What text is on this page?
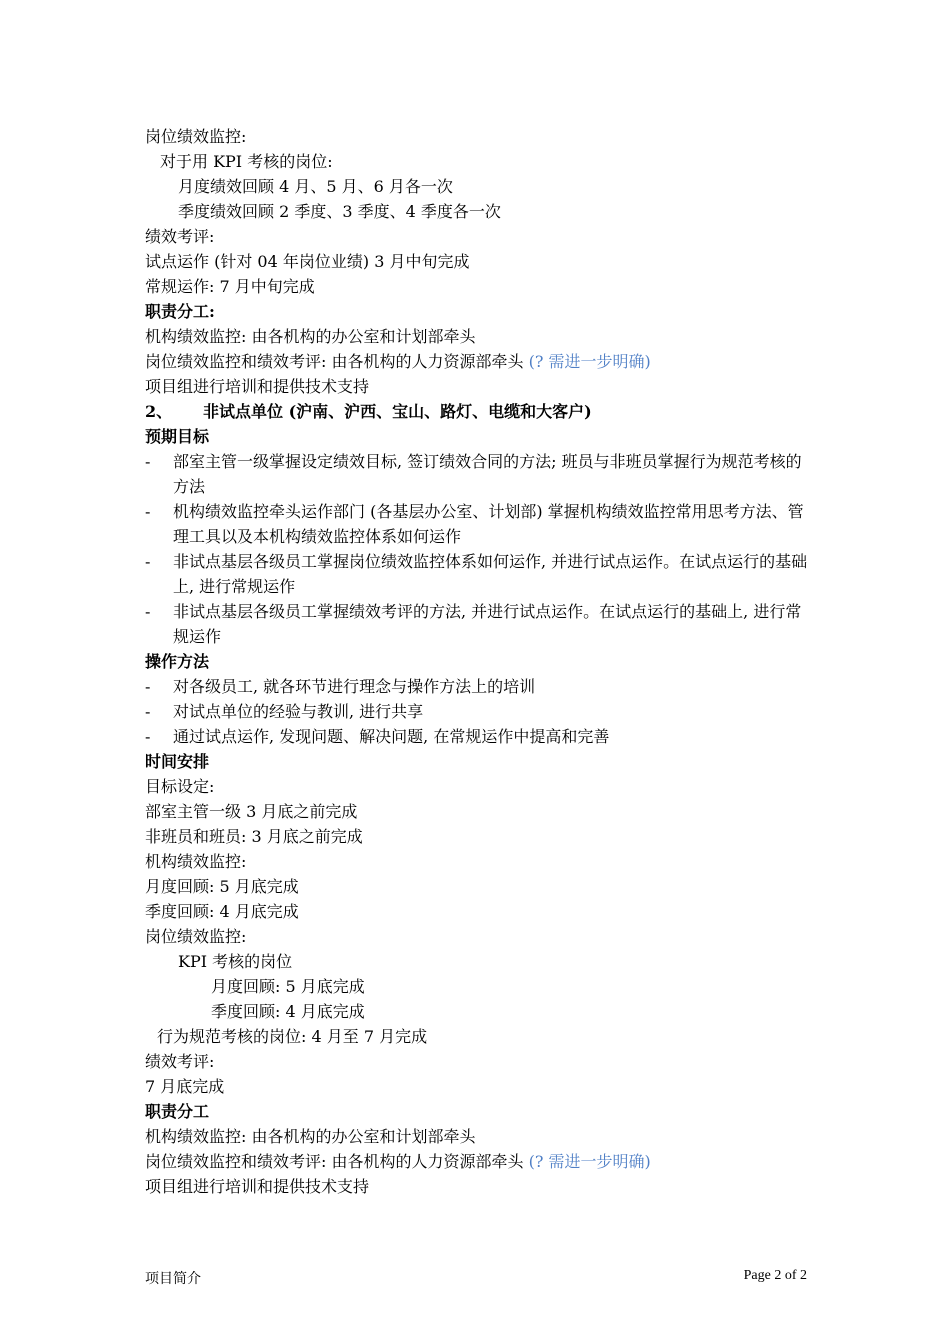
岗位绩效监控:
对于用 KPI 考核的岗位:
月度绩效回顾 4 月、5 月、6 月各一次
季度绩效回顾 2 季度、3 季度、4 季度各一次
绩效考评:
试点运作 (针对 04 年岗位业绩) 3 月中旬完成
常规运作: 7 月中旬完成
职责分工:
机构绩效监控: 由各机构的办公室和计划部牵头
岗位绩效监控和绩效考评: 由各机构的人力资源部牵头 (? 需进一步明确)
项目组进行培训和提供技术支持
2、 非试点单位 (沪南、沪西、宝山、路灯、电缆和大客户)
预期目标
-	部室主管一级掌握设定绩效目标, 签订绩效合同的方法; 班员与非班员掌握行为规范考核的方法
-	机构绩效监控牵头运作部门 (各基层办公室、计划部) 掌握机构绩效监控常用思考方法、管理工具以及本机构绩效监控体系如何运作
-	非试点基层各级员工掌握岗位绩效监控体系如何运作, 并进行试点运作。在试点运行的基础上, 进行常规运作
-	非试点基层各级员工掌握绩效考评的方法, 并进行试点运作。在试点运行的基础上, 进行常规运作
操作方法
-	对各级员工, 就各环节进行理念与操作方法上的培训
-	对试点单位的经验与教训, 进行共享
-	通过试点运作, 发现问题、解决问题, 在常规运作中提高和完善
时间安排
目标设定:
部室主管一级 3 月底之前完成
非班员和班员: 3 月底之前完成
机构绩效监控:
月度回顾: 5 月底完成
季度回顾: 4 月底完成
岗位绩效监控:
KPI 考核的岗位
月度回顾: 5 月底完成
季度回顾: 4 月底完成
行为规范考核的岗位: 4 月至 7 月完成
绩效考评:
7 月底完成
职责分工
机构绩效监控: 由各机构的办公室和计划部牵头
岗位绩效监控和绩效考评: 由各机构的人力资源部牵头 (? 需进一步明确)
项目组进行培训和提供技术支持
项目简介	Page 2 of 2
